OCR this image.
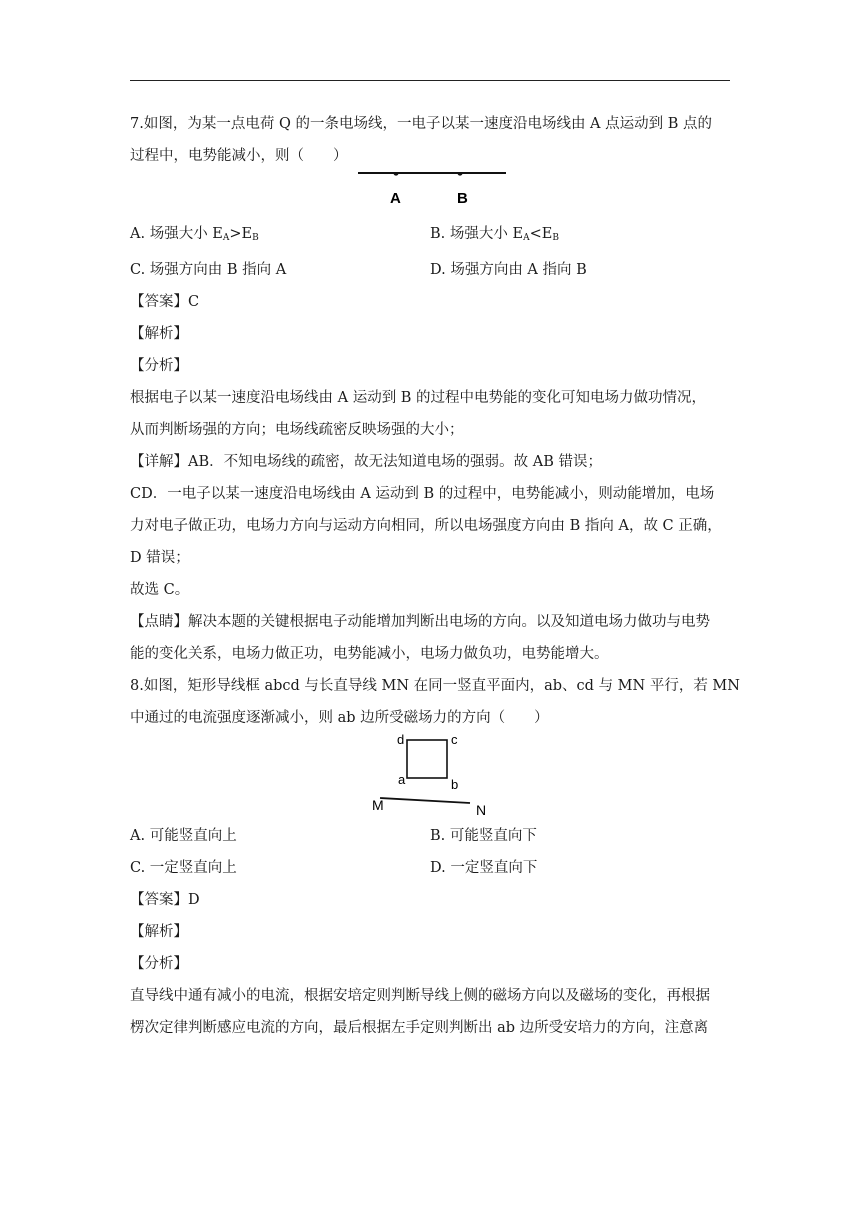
7.如图，为某一点电荷 Q 的一条电场线，一电子以某一速度沿电场线由 A 点运动到 B 点的
过程中，电势能减小，则（　　）
A	B
A. 场强大小 $E_A>E_B$	B. 场强大小 $E_A<E_B$
C. 场强方向由 B 指向 A	D. 场强方向由 A 指向 B
【答案】C
【解析】
【分析】
根据电子以某一速度沿电场线由 A 运动到 B 的过程中电势能的变化可知电场力做功情况，
从而判断场强的方向；电场线疏密反映场强的大小；
【详解】AB．不知电场线的疏密，故无法知道电场的强弱。故 AB 错误；
CD．一电子以某一速度沿电场线由 A 运动到 B 的过程中，电势能减小，则动能增加，电场
力对电子做正功，电场力方向与运动方向相同，所以电场强度方向由 B 指向 A，故 C 正确，
D 错误；
故选 C。
【点睛】解决本题的关键根据电子动能增加判断出电场的方向。以及知道电场力做功与电势
能的变化关系，电场力做正功，电势能减小，电场力做负功，电势能增大。
8.如图，矩形导线框 abcd 与长直导线 MN 在同一竖直平面内，ab、cd 与 MN 平行，若 MN
中通过的电流强度逐渐减小，则 ab 边所受磁场力的方向（　　）
d	c
a	b
M	N
A. 可能竖直向上	B. 可能竖直向下
C. 一定竖直向上	D. 一定竖直向下
【答案】D
【解析】
【分析】
直导线中通有减小的电流，根据安培定则判断导线上侧的磁场方向以及磁场的变化，再根据
楞次定律判断感应电流的方向，最后根据左手定则判断出 ab 边所受安培力的方向，注意离
